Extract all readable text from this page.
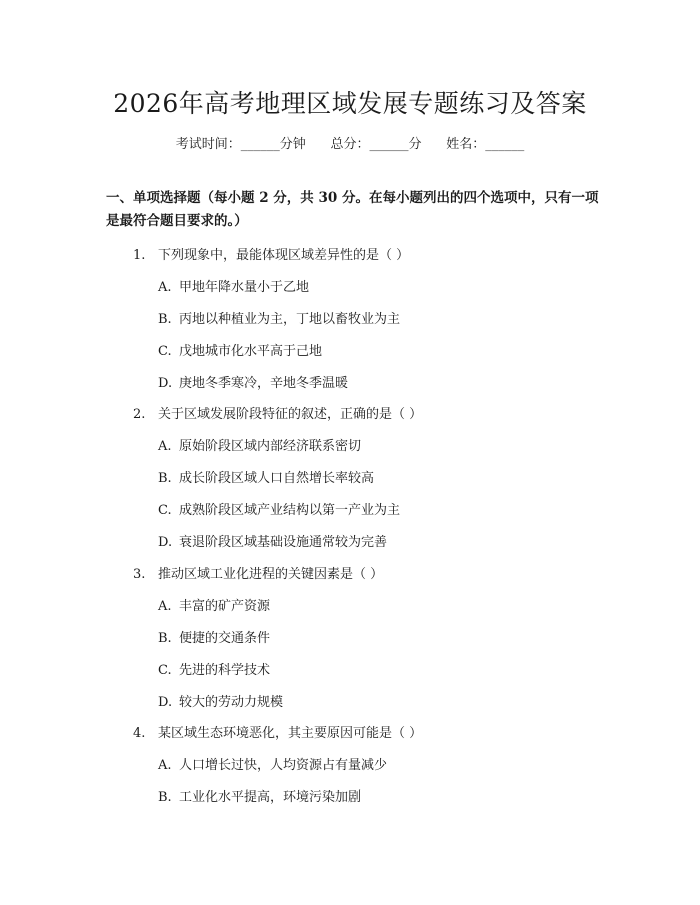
2026年高考地理区域发展专题练习及答案
考试时间：______分钟      总分：______分      姓名：______
一、单项选择题（每小题 2 分，共 30 分。在每小题列出的四个选项中，只有一项是最符合题目要求的。）
1. 下列现象中，最能体现区域差异性的是（ ）
A. 甲地年降水量小于乙地
B. 丙地以种植业为主，丁地以畜牧业为主
C. 戊地城市化水平高于己地
D. 庚地冬季寒冷，辛地冬季温暖
2. 关于区域发展阶段特征的叙述，正确的是（ ）
A. 原始阶段区域内部经济联系密切
B. 成长阶段区域人口自然增长率较高
C. 成熟阶段区域产业结构以第一产业为主
D. 衰退阶段区域基础设施通常较为完善
3. 推动区域工业化进程的关键因素是（ ）
A. 丰富的矿产资源
B. 便捷的交通条件
C. 先进的科学技术
D. 较大的劳动力规模
4. 某区域生态环境恶化，其主要原因可能是（ ）
A. 人口增长过快，人均资源占有量减少
B. 工业化水平提高，环境污染加剧
